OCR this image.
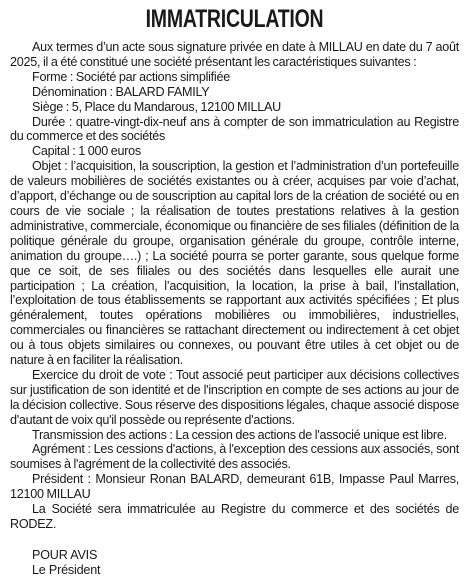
IMMATRICULATION

Aux termes d’un acte sous signature privée en date à MILLAU en date du 7 août 2025, il a été constitué une société présentant les caractéristiques suivantes :

Forme : Société par actions simplifiée

Dénomination : BALARD FAMILY

Siège : 5, Place du Mandarous, 12100 MILLAU

Durée : quatre-vingt-dix-neuf ans à compter de son immatriculation au Registre du commerce et des sociétés

Capital : 1 000 euros

Objet : l’acquisition, la souscription, la gestion et l’administration d’un portefeuille de valeurs mobilières de sociétés existantes ou à créer, acquises par voie d’achat, d’apport, d’échange ou de souscription au capital lors de la création de société ou en cours de vie sociale ; la réalisation de toutes prestations relatives à la gestion administrative, commerciale, économique ou financière de ses filiales (définition de la politique générale du groupe, organisation générale du groupe, contrôle interne, animation du groupe….) ; La société pourra se porter garante, sous quelque forme que ce soit, de ses filiales ou des sociétés dans lesquelles elle aurait une participation ; La création, l’acquisition, la location, la prise à bail, l’installation, l’exploitation de tous établissements se rapportant aux activités spécifiées ; Et plus généralement, toutes opérations mobilières ou immobilières, industrielles, commerciales ou financières se rattachant directement ou indirectement à cet objet ou à tous objets similaires ou connexes, ou pouvant être utiles à cet objet ou de nature à en faciliter la réalisation.

Exercice du droit de vote : Tout associé peut participer aux décisions collectives sur justification de son identité et de l'inscription en compte de ses actions au jour de la décision collective. Sous réserve des dispositions légales, chaque associé dispose d'autant de voix qu'il possède ou représente d'actions.

Transmission des actions : La cession des actions de l'associé unique est libre.

Agrément : Les cessions d'actions, à l'exception des cessions aux associés, sont soumises à l'agrément de la collectivité des associés.

Président : Monsieur Ronan BALARD, demeurant 61B, Impasse Paul Marres, 12100 MILLAU

La Société sera immatriculée au Registre du commerce et des sociétés de RODEZ.

POUR AVIS
Le Président
